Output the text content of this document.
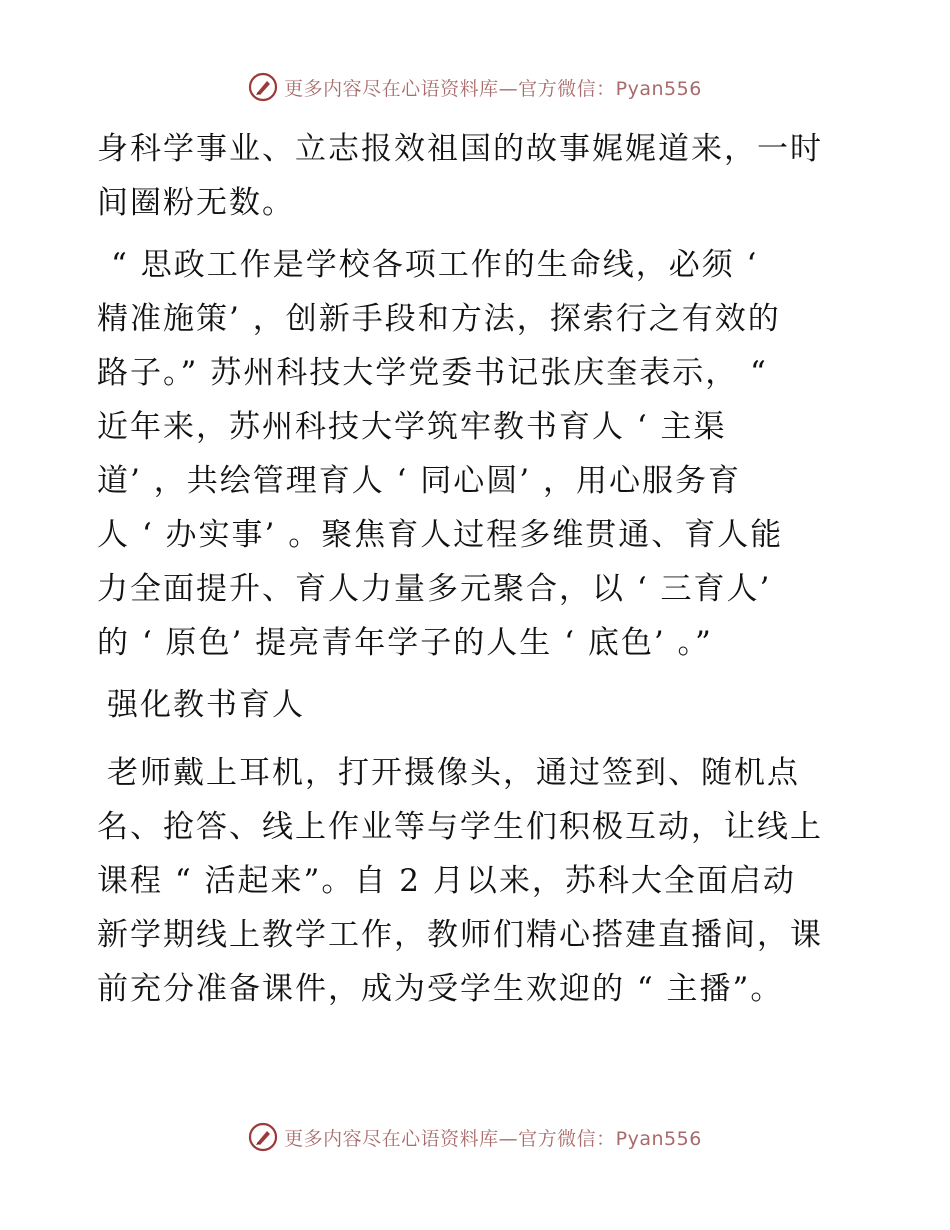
更多内容尽在心语资料库—官方微信：Pyan556

身科学事业、立志报效祖国的故事娓娓道来，一时
间圈粉无数。

“ 思政工作是学校各项工作的生命线，必须 ‘
精准施策’ ，创新手段和方法，探索行之有效的
路子。” 苏州科技大学党委书记张庆奎表示， “
近年来，苏州科技大学筑牢教书育人 ‘ 主渠
道’ ，共绘管理育人 ‘ 同心圆’ ，用心服务育
人 ‘ 办实事’ 。聚焦育人过程多维贯通、育人能
力全面提升、育人力量多元聚合，以 ‘ 三育人’
的 ‘ 原色’ 提亮青年学子的人生 ‘ 底色’ 。”

强化教书育人

老师戴上耳机，打开摄像头，通过签到、随机点
名、抢答、线上作业等与学生们积极互动，让线上
课程 “ 活起来”。自 2 月以来，苏科大全面启动
新学期线上教学工作，教师们精心搭建直播间，课
前充分准备课件，成为受学生欢迎的 “ 主播”。

更多内容尽在心语资料库—官方微信：Pyan556
